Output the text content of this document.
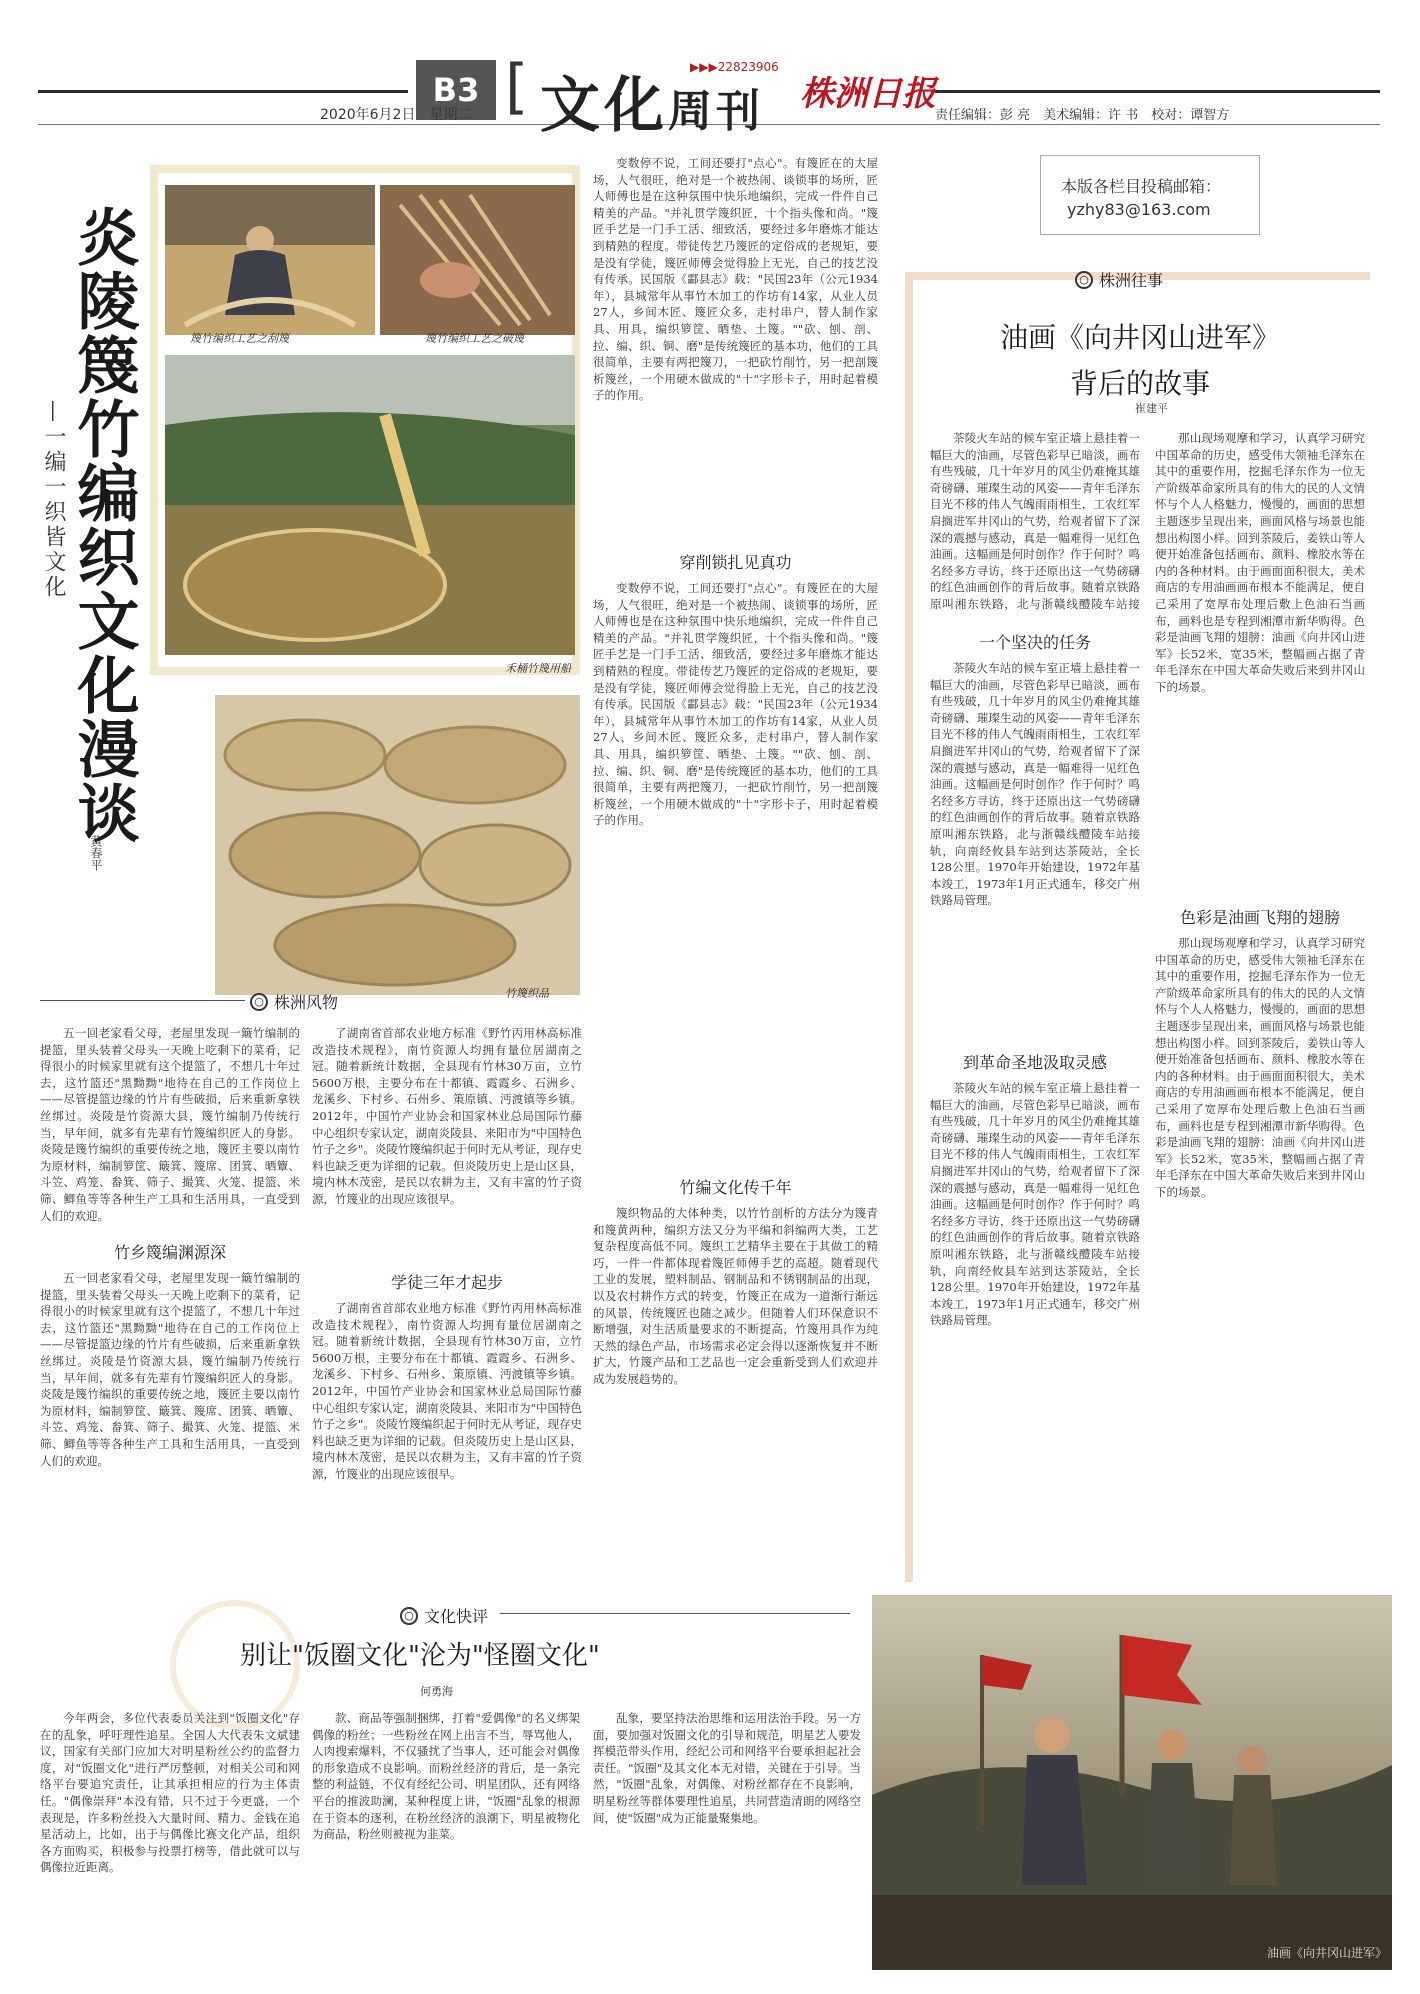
B3 [ 文化周刊
▶▶▶22823906
株洲日报
2020年6月2日　星期二	责任编辑：彭 亮　美术编辑：许 书　校对：谭智方
炎陵篾竹编织文化漫谈
—一编一织皆文化
黄春平
篾竹编织工艺之刮篾	篾竹编织工艺之破篾
禾桶竹篾用船
竹篾织品
○ 株洲风物

五一回老家看父母，老屋里发现一簸竹编制的提篮，里头装着父母头一天晚上吃剩下的菜肴，记得很小的时候家里就有这个提篮了，不想几十年过去，这竹篮还"黑黝黝"地待在自己的工作岗位上——尽管提篮边缘的竹片有些破损，后来重新拿铁丝绑过。炎陵是竹资源大县，篾竹编制乃传统行当，早年间，就多有先辈有竹篾编织匠人的身影。炎陵是篾竹编织的重要传统之地，篾匠主要以南竹为原材料，编制箩筐、簸箕、篾席、团箕、晒簟、斗笠、鸡笼、畚箕、筛子、撮箕、火笼、提篮、米筛、鲫鱼等等各种生产工具和生活用具，一直受到人们的欢迎。

竹乡篾编渊源深

五一回老家看父母，老屋里发现一簸竹编制的提篮，里头装着父母头一天晚上吃剩下的菜肴，记得很小的时候家里就有这个提篮了，不想几十年过去，这竹篮还"黑黝黝"地待在自己的工作岗位上——尽管提篮边缘的竹片有些破损，后来重新拿铁丝绑过。炎陵是竹资源大县，篾竹编制乃传统行当，早年间，就多有先辈有竹篾编织匠人的身影。炎陵是篾竹编织的重要传统之地，篾匠主要以南竹为原材料，编制箩筐、簸箕、篾席、团箕、晒簟、斗笠、鸡笼、畚箕、筛子、撮箕、火笼、提篮、米筛、鲫鱼等等各种生产工具和生活用具，一直受到人们的欢迎。

了湖南省首部农业地方标准《野竹丙用林高标准改造技术规程》，南竹资源人均拥有量位居湖南之冠。随着新统计数据，全县现有竹林30万亩，立竹5600万根，主要分布在十都镇、霞霞乡、石洲乡、龙溪乡、下村乡、石州乡、策原镇、沔渡镇等乡镇。2012年，中国竹产业协会和国家林业总局国际竹藤中心组织专家认定，湖南炎陵县、来阳市为"中国特色竹子之乡"。炎陵竹篾编织起于何时无从考证，现存史料也缺乏更为详细的记载。但炎陵历史上是山区县，境内林木茂密，是民以农耕为主，又有丰富的竹子资源，竹篾业的出现应该很早。

学徒三年才起步

了湖南省首部农业地方标准《野竹丙用林高标准改造技术规程》，南竹资源人均拥有量位居湖南之冠。随着新统计数据，全县现有竹林30万亩，立竹5600万根，主要分布在十都镇、霞霞乡、石洲乡、龙溪乡、下村乡、石州乡、策原镇、沔渡镇等乡镇。2012年，中国竹产业协会和国家林业总局国际竹藤中心组织专家认定，湖南炎陵县、来阳市为"中国特色竹子之乡"。炎陵竹篾编织起于何时无从考证，现存史料也缺乏更为详细的记载。但炎陵历史上是山区县，境内林木茂密，是民以农耕为主，又有丰富的竹子资源，竹篾业的出现应该很早。

变数停不说，工间还要打"点心"。有篾匠在的大屋场，人气很旺，绝对是一个被热闹、谈锁事的场所，匠人师傅也是在这种氛围中快乐地编织，完成一件件自己精美的产品。"并礼贯学篾织匠，十个指头像和尚。"篾匠手艺是一门手工活、细致活，要经过多年磨炼才能达到精熟的程度。带徒传艺乃篾匠的定俗成的老规矩，要是没有学徒，篾匠师傅会觉得脸上无光，自己的技艺没有传承。民国版《酃县志》载："民国23年（公元1934年），县城常年从事竹木加工的作坊有14家，从业人员27人，乡间木匠、篾匠众多，走村串户，替人制作家具、用具，编织箩筐、晒垫、土篾。""砍、刨、剖、拉、编、织、铜、磨"是传统篾匠的基本功，他们的工具很简单，主要有两把篾刀，一把砍竹削竹，另一把剖篾析篾丝，一个用硬木做成的"十"字形卡子，用时起着模子的作用。

穿削锁扎见真功

变数停不说，工间还要打"点心"。有篾匠在的大屋场，人气很旺，绝对是一个被热闹、谈锁事的场所，匠人师傅也是在这种氛围中快乐地编织，完成一件件自己精美的产品。"并礼贯学篾织匠，十个指头像和尚。"篾匠手艺是一门手工活、细致活，要经过多年磨炼才能达到精熟的程度。带徒传艺乃篾匠的定俗成的老规矩，要是没有学徒，篾匠师傅会觉得脸上无光，自己的技艺没有传承。民国版《酃县志》载："民国23年（公元1934年），县城常年从事竹木加工的作坊有14家，从业人员27人，乡间木匠、篾匠众多，走村串户，替人制作家具、用具，编织箩筐、晒垫、土篾。""砍、刨、剖、拉、编、织、铜、磨"是传统篾匠的基本功，他们的工具很简单，主要有两把篾刀，一把砍竹削竹，另一把剖篾析篾丝，一个用硬木做成的"十"字形卡子，用时起着模子的作用。

竹编文化传千年

篾织物品的大体种类，以竹竹剖析的方法分为篾青和篾黄两种，编织方法又分为平编和斜编两大类，工艺复杂程度高低不同。篾织工艺精华主要在于其做工的精巧，一件一件都体现着篾匠师傅手艺的高超。随着现代工业的发展，塑料制品、钢制品和不锈钢制品的出现，以及农村耕作方式的转变，竹篾正在成为一道渐行渐远的风景，传统篾匠也随之减少。但随着人们环保意识不断增强，对生活质量要求的不断提高，竹篾用具作为纯天然的绿色产品，市场需求必定会得以逐渐恢复并不断扩大，竹篾产品和工艺品也一定会重新受到人们欢迎并成为发展趋势的。

本版各栏目投稿邮箱：
yzhy83@163.com
○ 株洲往事
油画《向井冈山进军》
背后的故事
崔建平

茶陵火车站的候车室正墙上悬挂着一幅巨大的油画，尽管色彩早已暗淡，画布有些残破，几十年岁月的风尘仍难掩其雄奇磅礴、璀璨生动的风姿——青年毛泽东目光不移的伟人气魄雨雨相生，工农红军肩搁进军井冈山的气势，给观者留下了深深的震撼与感动，真是一幅难得一见红色油画。这幅画是何时创作？作于何时？鸣名经多方寻访，终于还原出这一气势磅礴的红色油画创作的背后故事。随着京铁路原叫湘东铁路，北与浙赣线醴陵车站接

一个坚决的任务

茶陵火车站的候车室正墙上悬挂着一幅巨大的油画，尽管色彩早已暗淡，画布有些残破，几十年岁月的风尘仍难掩其雄奇磅礴、璀璨生动的风姿——青年毛泽东目光不移的伟人气魄雨雨相生，工农红军肩搁进军井冈山的气势，给观者留下了深深的震撼与感动，真是一幅难得一见红色油画。这幅画是何时创作？作于何时？鸣名经多方寻访，终于还原出这一气势磅礴的红色油画创作的背后故事。随着京铁路原叫湘东铁路，北与浙赣线醴陵车站接轨，向南经攸县车站到达茶陵站，全长128公里。1970年开始建设，1972年基本竣工，1973年1月正式通车，移交广州铁路局管理。

到革命圣地汲取灵感

茶陵火车站的候车室正墙上悬挂着一幅巨大的油画，尽管色彩早已暗淡，画布有些残破，几十年岁月的风尘仍难掩其雄奇磅礴、璀璨生动的风姿——青年毛泽东目光不移的伟人气魄雨雨相生，工农红军肩搁进军井冈山的气势，给观者留下了深深的震撼与感动，真是一幅难得一见红色油画。这幅画是何时创作？作于何时？鸣名经多方寻访，终于还原出这一气势磅礴的红色油画创作的背后故事。随着京铁路原叫湘东铁路，北与浙赣线醴陵车站接轨，向南经攸县车站到达茶陵站，全长128公里。1970年开始建设，1972年基本竣工，1973年1月正式通车，移交广州铁路局管理。

那山现场观摩和学习，认真学习研究中国革命的历史，感受伟大领袖毛泽东在其中的重要作用，挖掘毛泽东作为一位无产阶级革命家所具有的伟大的民的人文情怀与个人人格魅力，慢慢的，画面的思想主题逐步呈现出来，画面风格与场景也能想出构图小样。回到茶陵后，姜铁山等人便开始准备包括画布、颜料、橡胶水等在内的各种材料。由于画面面积很大，美术商店的专用油画画布根本不能满足，便自己采用了宽厚布处理后敷上色油石当画布，画料也是专程到湘潭市新华购得。色彩是油画飞翔的翅膀：油画《向井冈山进军》长52米，宽35米，整幅画占据了青年毛泽东在中国大革命失败后来到井冈山下的场景。

色彩是油画飞翔的翅膀

那山现场观摩和学习，认真学习研究中国革命的历史，感受伟大领袖毛泽东在其中的重要作用，挖掘毛泽东作为一位无产阶级革命家所具有的伟大的民的人文情怀与个人人格魅力，慢慢的，画面的思想主题逐步呈现出来，画面风格与场景也能想出构图小样。回到茶陵后，姜铁山等人便开始准备包括画布、颜料、橡胶水等在内的各种材料。由于画面面积很大，美术商店的专用油画画布根本不能满足，便自己采用了宽厚布处理后敷上色油石当画布，画料也是专程到湘潭市新华购得。色彩是油画飞翔的翅膀：油画《向井冈山进军》长52米，宽35米，整幅画占据了青年毛泽东在中国大革命失败后来到井冈山下的场景。

○ 文化快评
别让"饭圈文化"沦为"怪圈文化"
何勇海

今年两会，多位代表委员关注到"饭圈文化"存在的乱象，呼吁理性追星。全国人大代表朱文斌建议，国家有关部门应加大对明星粉丝公约的监督力度，对"饭圈文化"进行严厉整顿，对相关公司和网络平台要追究责任，让其承担相应的行为主体责任。"偶像崇拜"本没有错，只不过于今更盛，一个表现是，许多粉丝投入大量时间、精力、金钱在追星活动上，比如，出于与偶像比赛文化产品，组织各方面购买，积极参与投票打榜等，借此就可以与偶像拉近距离。

款、商品等强制捆绑，打着"爱偶像"的名义绑架偶像的粉丝；一些粉丝在网上出言不当，辱骂他人，人肉搜索爆料，不仅骚扰了当事人，还可能会对偶像的形象造成不良影响。而粉丝经济的背后，是一条完整的利益链，不仅有经纪公司、明星团队，还有网络平台的推波助澜，某种程度上讲，"饭圈"乱象的根源在于资本的逐利，在粉丝经济的浪潮下，明星被物化为商品，粉丝则被视为韭菜。

乱象，要坚持法治思维和运用法治手段。另一方面，要加强对饭圈文化的引导和规范，明星艺人要发挥模范带头作用，经纪公司和网络平台要承担起社会责任。"饭圈"及其文化本无对错，关键在于引导。当然，"饭圈"乱象，对偶像、对粉丝都存在不良影响，明星粉丝等群体要理性追星，共同营造清朗的网络空间，使"饭圈"成为正能量聚集地。

油画《向井冈山进军》
